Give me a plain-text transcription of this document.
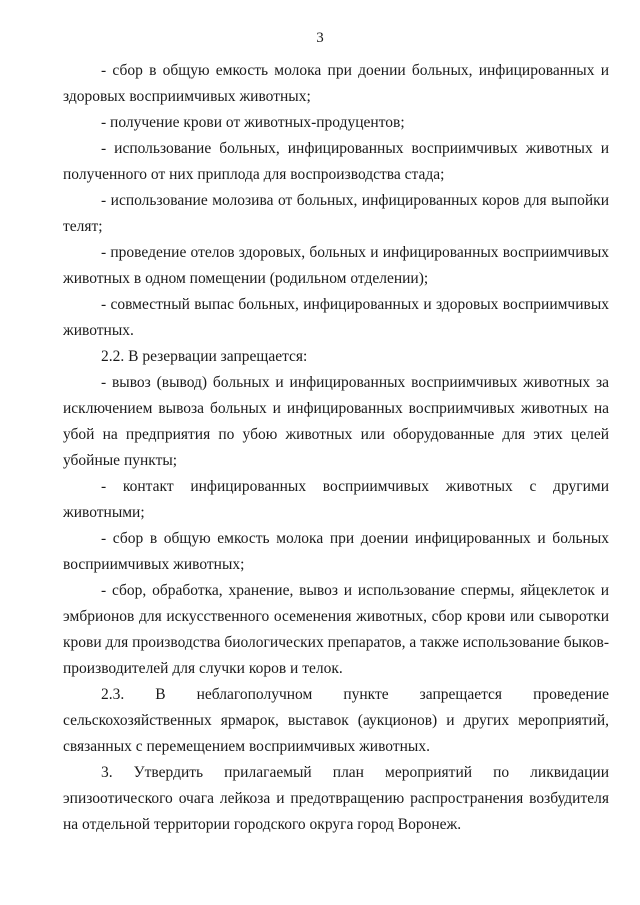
3

- сбор в общую емкость молока при доении больных, инфицированных и здоровых восприимчивых животных;

- получение крови от животных-продуцентов;

- использование больных, инфицированных восприимчивых животных и полученного от них приплода для воспроизводства стада;

- использование молозива от больных, инфицированных коров для выпойки телят;

- проведение отелов здоровых, больных и инфицированных восприимчивых животных в одном помещении (родильном отделении);

- совместный выпас больных, инфицированных и здоровых восприимчивых животных.

2.2. В резервации запрещается:

- вывоз (вывод) больных и инфицированных восприимчивых животных за исключением вывоза больных и инфицированных восприимчивых животных на убой на предприятия по убою животных или оборудованные для этих целей убойные пункты;

- контакт инфицированных восприимчивых животных с другими животными;

- сбор в общую емкость молока при доении инфицированных и больных восприимчивых животных;

- сбор, обработка, хранение, вывоз и использование спермы, яйцеклеток и эмбрионов для искусственного осеменения животных, сбор крови или сыворотки крови для производства биологических препаратов, а также использование быков-производителей для случки коров и телок.

2.3. В неблагополучном пункте запрещается проведение сельскохозяйственных ярмарок, выставок (аукционов) и других мероприятий, связанных с перемещением восприимчивых животных.

3. Утвердить прилагаемый план мероприятий по ликвидации эпизоотического очага лейкоза и предотвращению распространения возбудителя на отдельной территории городского округа город Воронеж.
